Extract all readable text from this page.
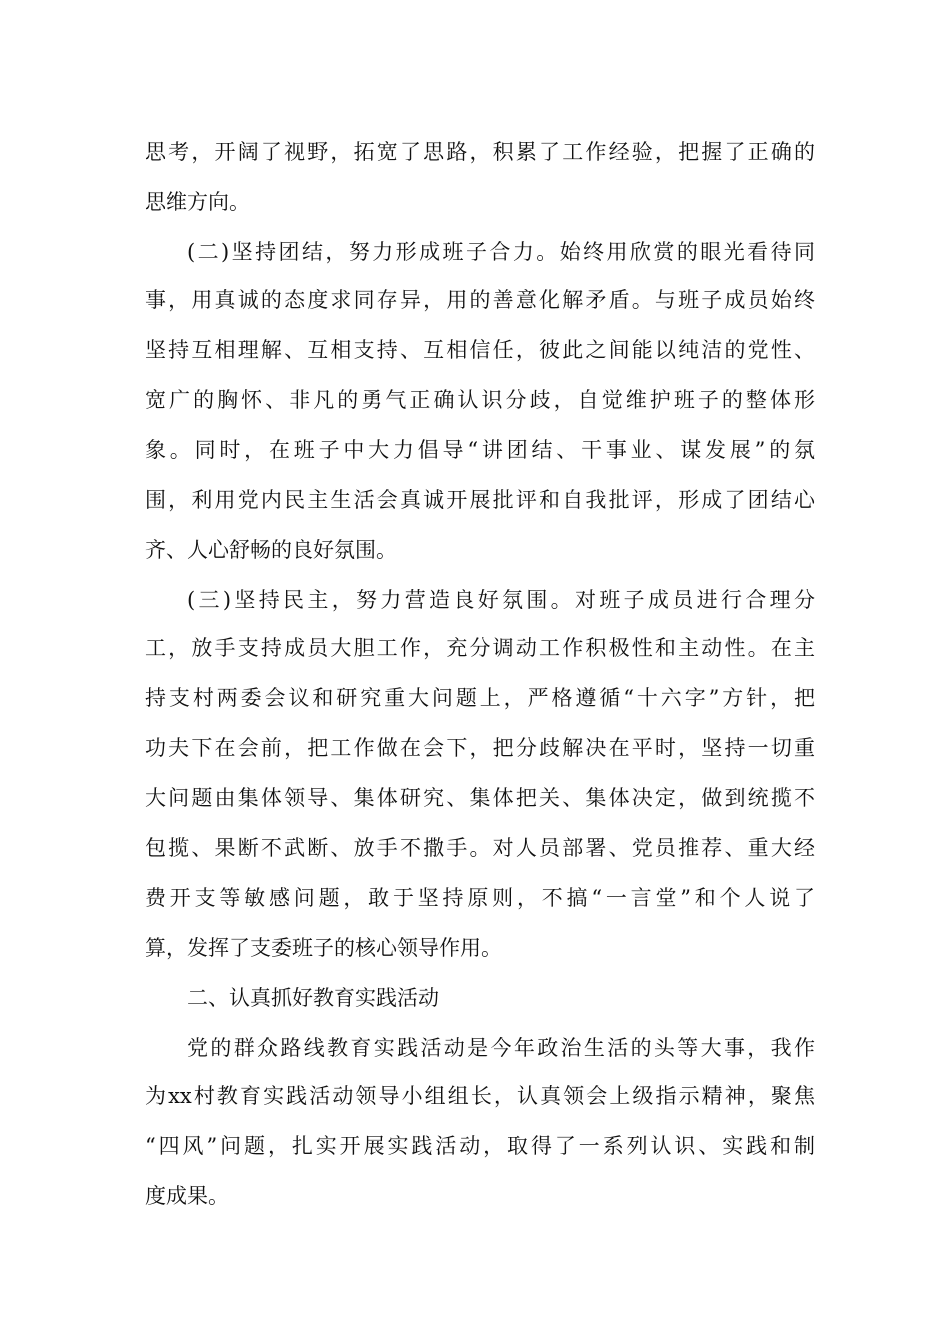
思考，开阔了视野，拓宽了思路，积累了工作经验，把握了正确的
思维方向。
(二)坚持团结，努力形成班子合力。始终用欣赏的眼光看待同
事，用真诚的态度求同存异，用的善意化解矛盾。与班子成员始终
坚持互相理解、互相支持、互相信任，彼此之间能以纯洁的党性、
宽广的胸怀、非凡的勇气正确认识分歧，自觉维护班子的整体形
象。同时，在班子中大力倡导“讲团结、干事业、谋发展”的氛
围，利用党内民主生活会真诚开展批评和自我批评，形成了团结心
齐、人心舒畅的良好氛围。
(三)坚持民主，努力营造良好氛围。对班子成员进行合理分
工，放手支持成员大胆工作，充分调动工作积极性和主动性。在主
持支村两委会议和研究重大问题上，严格遵循“十六字”方针，把
功夫下在会前，把工作做在会下，把分歧解决在平时，坚持一切重
大问题由集体领导、集体研究、集体把关、集体决定，做到统揽不
包揽、果断不武断、放手不撒手。对人员部署、党员推荐、重大经
费开支等敏感问题，敢于坚持原则，不搞“一言堂”和个人说了
算，发挥了支委班子的核心领导作用。
二、认真抓好教育实践活动
党的群众路线教育实践活动是今年政治生活的头等大事，我作
为xx村教育实践活动领导小组组长，认真领会上级指示精神，聚焦
“四风”问题，扎实开展实践活动，取得了一系列认识、实践和制
度成果。
